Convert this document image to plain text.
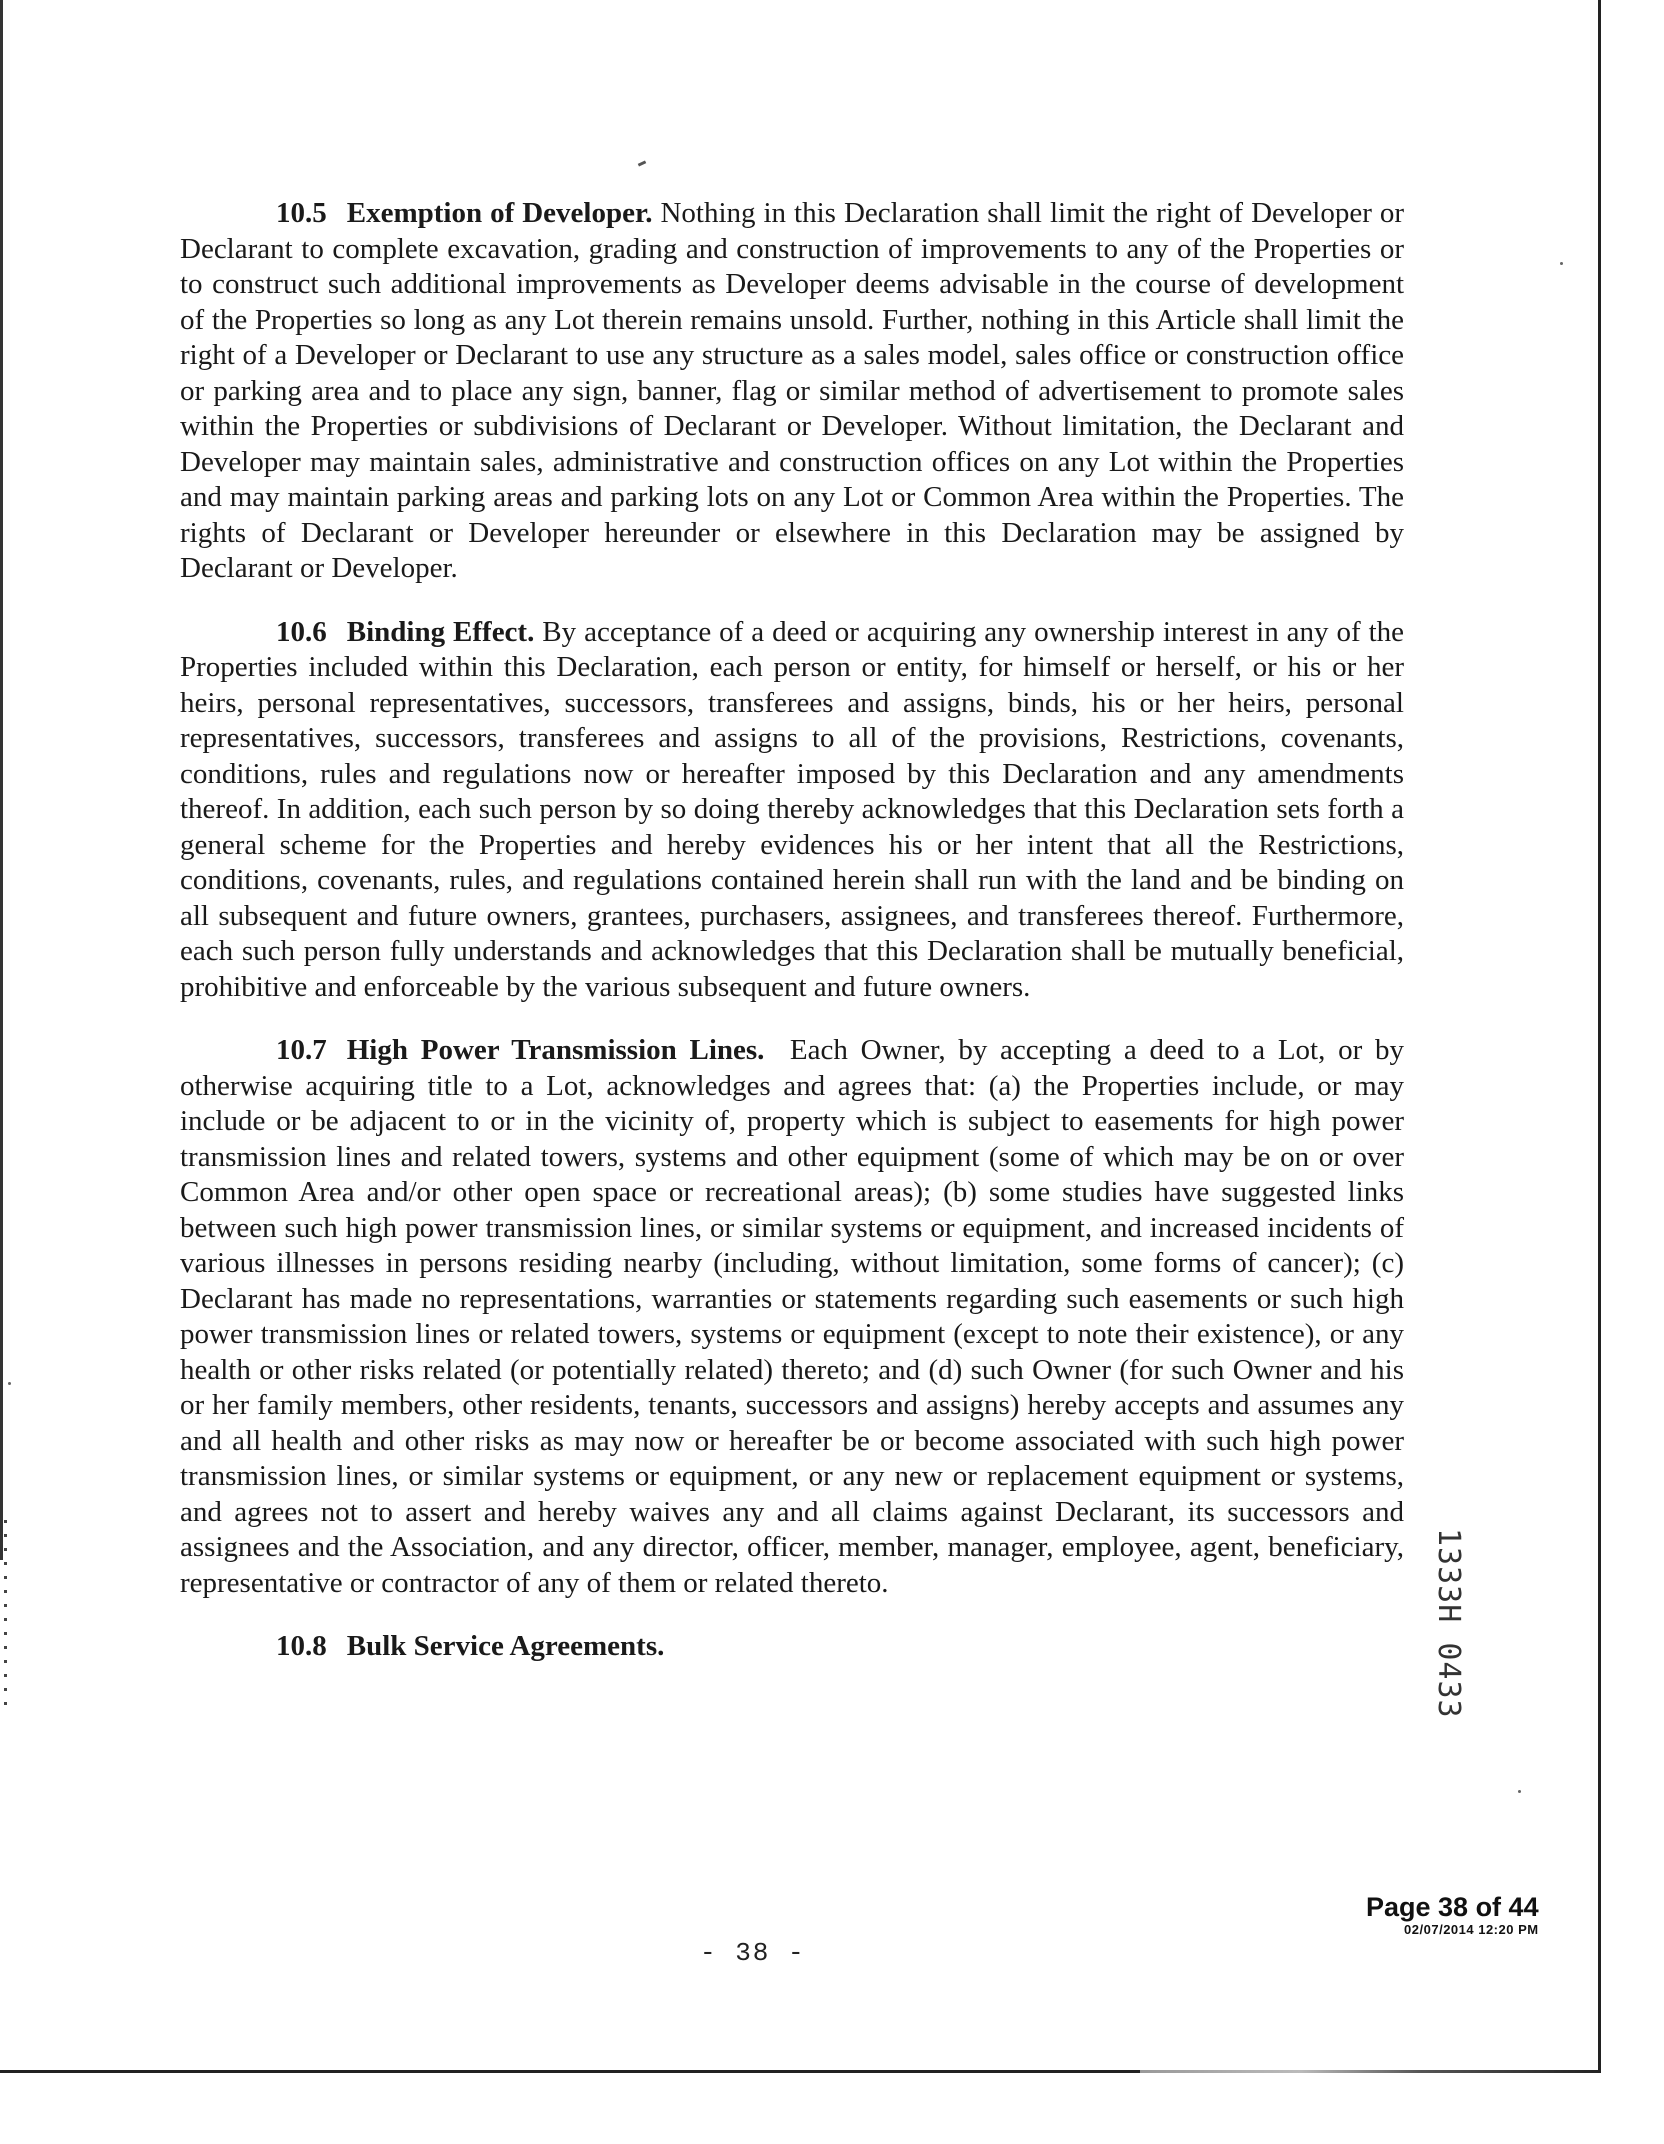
10.5 Exemption of Developer. Nothing in this Declaration shall limit the right of Developer or Declarant to complete excavation, grading and construction of improvements to any of the Properties or to construct such additional improvements as Developer deems advisable in the course of development of the Properties so long as any Lot therein remains unsold. Further, nothing in this Article shall limit the right of a Developer or Declarant to use any structure as a sales model, sales office or construction office or parking area and to place any sign, banner, flag or similar method of advertisement to promote sales within the Properties or subdivisions of Declarant or Developer. Without limitation, the Declarant and Developer may maintain sales, administrative and construction offices on any Lot within the Properties and may maintain parking areas and parking lots on any Lot or Common Area within the Properties. The rights of Declarant or Developer hereunder or elsewhere in this Declaration may be assigned by Declarant or Developer.

10.6 Binding Effect. By acceptance of a deed or acquiring any ownership interest in any of the Properties included within this Declaration, each person or entity, for himself or herself, or his or her heirs, personal representatives, successors, transferees and assigns, binds, his or her heirs, personal representatives, successors, transferees and assigns to all of the provisions, Restrictions, covenants, conditions, rules and regulations now or hereafter imposed by this Declaration and any amendments thereof. In addition, each such person by so doing thereby acknowledges that this Declaration sets forth a general scheme for the Properties and hereby evidences his or her intent that all the Restrictions, conditions, covenants, rules, and regulations contained herein shall run with the land and be binding on all subsequent and future owners, grantees, purchasers, assignees, and transferees thereof. Furthermore, each such person fully understands and acknowledges that this Declaration shall be mutually beneficial, prohibitive and enforceable by the various subsequent and future owners.

10.7 High Power Transmission Lines. Each Owner, by accepting a deed to a Lot, or by otherwise acquiring title to a Lot, acknowledges and agrees that: (a) the Properties include, or may include or be adjacent to or in the vicinity of, property which is subject to easements for high power transmission lines and related towers, systems and other equipment (some of which may be on or over Common Area and/or other open space or recreational areas); (b) some studies have suggested links between such high power transmission lines, or similar systems or equipment, and increased incidents of various illnesses in persons residing nearby (including, without limitation, some forms of cancer); (c) Declarant has made no representations, warranties or statements regarding such easements or such high power transmission lines or related towers, systems or equipment (except to note their existence), or any health or other risks related (or potentially related) thereto; and (d) such Owner (for such Owner and his or her family members, other residents, tenants, successors and assigns) hereby accepts and assumes any and all health and other risks as may now or hereafter be or become associated with such high power transmission lines, or similar systems or equipment, or any new or replacement equipment or systems, and agrees not to assert and hereby waives any and all claims against Declarant, its successors and assignees and the Association, and any director, officer, member, manager, employee, agent, beneficiary, representative or contractor of any of them or related thereto.

10.8 Bulk Service Agreements.	1333H 0433
- 38 -
Page 38 of 44
02/07/2014 12:20 PM
